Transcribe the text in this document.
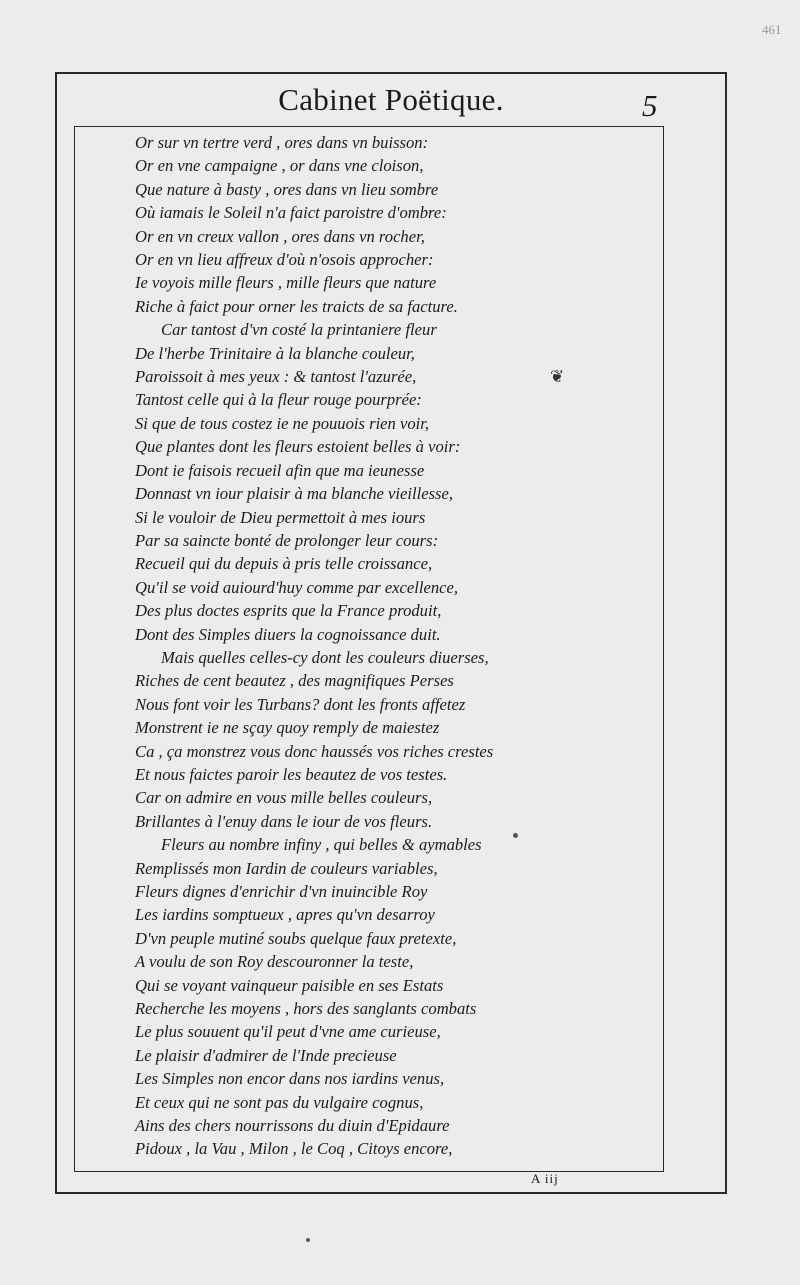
461
Cabinet Poëtique.	5
Or sur vn tertre verd , ores dans vn buisson:
Or en vne campaigne , or dans vne cloison,
Que nature à basty , ores dans vn lieu sombre
Où iamais le Soleil n'a faict paroistre d'ombre:
Or en vn creux vallon , ores dans vn rocher,
Or en vn lieu affreux d'où n'osois approcher:
Ie voyois mille fleurs , mille fleurs que nature
Riche à faict pour orner les traicts de sa facture.
Car tantost d'vn costé la printaniere fleur
De l'herbe Trinitaire à la blanche couleur,
Paroissoit à mes yeux : & tantost l'azurée,
Tantost celle qui à la fleur rouge pourprée:
Si que de tous costez ie ne pouuois rien voir,
Que plantes dont les fleurs estoient belles à voir:
Dont ie faisois recueil afin que ma ieunesse
Donnast vn iour plaisir à ma blanche vieillesse,
Si le vouloir de Dieu permettoit à mes iours
Par sa saincte bonté de prolonger leur cours:
Recueil qui du depuis à pris telle croissance,
Qu'il se void auiourd'huy comme par excellence,
Des plus doctes esprits que la France produit,
Dont des Simples diuers la cognoissance duit.
Mais quelles celles-cy dont les couleurs diuerses,
Riches de cent beautez , des magnifiques Perses
Nous font voir les Turbans? dont les fronts affetez
Monstrent ie ne sçay quoy remply de maiestez
Ca , ça monstrez vous donc haussés vos riches crestes
Et nous faictes paroir les beautez de vos testes.
Car on admire en vous mille belles couleurs,
Brillantes à l'enuy dans le iour de vos fleurs.
Fleurs au nombre infiny , qui belles & aymables
Remplissés mon Iardin de couleurs variables,
Fleurs dignes d'enrichir d'vn inuincible Roy
Les iardins somptueux , apres qu'vn desarroy
D'vn peuple mutiné soubs quelque faux pretexte,
A voulu de son Roy descouronner la teste,
Qui se voyant vainqueur paisible en ses Estats
Recherche les moyens , hors des sanglants combats
Le plus souuent qu'il peut d'vne ame curieuse,
Le plaisir d'admirer de l'Inde precieuse
Les Simples non encor dans nos iardins venus,
Et ceux qui ne sont pas du vulgaire cognus,
Ains des chers nourrissons du diuin d'Epidaure
Pidoux , la Vau , Milon , le Coq , Citoys encore,
❦
A iij
